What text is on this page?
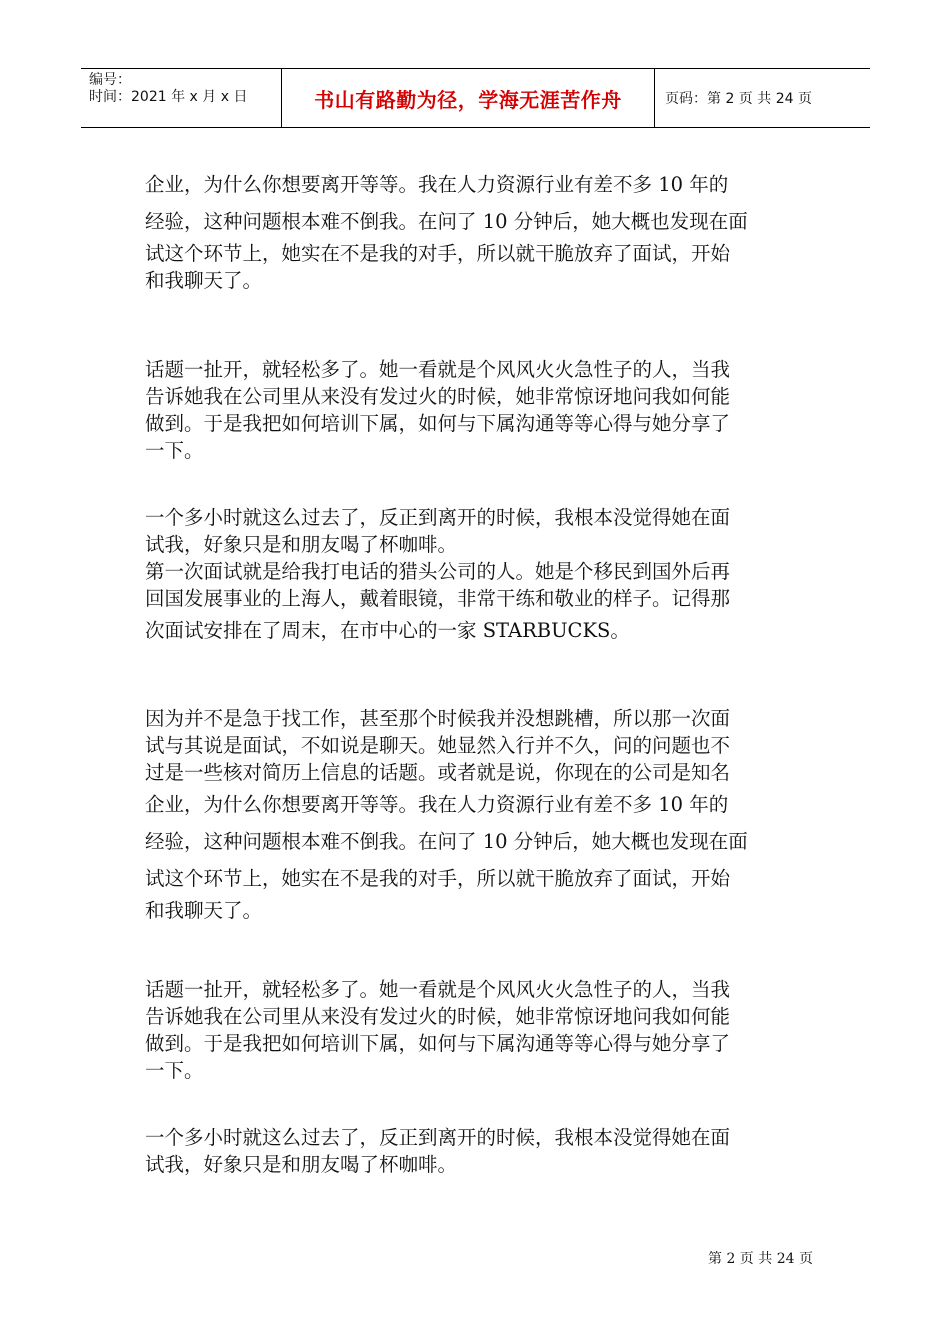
编号：
时间：2021 年 x 月 x 日	书山有路勤为径，学海无涯苦作舟	页码：第 2 页 共 24 页
企业，为什么你想要离开等等。我在人力资源行业有差不多 10 年的
经验，这种问题根本难不倒我。在问了 10 分钟后，她大概也发现在面
试这个环节上，她实在不是我的对手，所以就干脆放弃了面试，开始
和我聊天了。
话题一扯开，就轻松多了。她一看就是个风风火火急性子的人，当我
告诉她我在公司里从来没有发过火的时候，她非常惊讶地问我如何能
做到。于是我把如何培训下属，如何与下属沟通等等心得与她分享了
一下。
一个多小时就这么过去了，反正到离开的时候，我根本没觉得她在面
试我，好象只是和朋友喝了杯咖啡。
第一次面试就是给我打电话的猎头公司的人。她是个移民到国外后再
回国发展事业的上海人，戴着眼镜，非常干练和敬业的样子。记得那
次面试安排在了周末，在市中心的一家 STARBUCKS。
因为并不是急于找工作，甚至那个时候我并没想跳槽，所以那一次面
试与其说是面试，不如说是聊天。她显然入行并不久，问的问题也不
过是一些核对简历上信息的话题。或者就是说，你现在的公司是知名
企业，为什么你想要离开等等。我在人力资源行业有差不多 10 年的
经验，这种问题根本难不倒我。在问了 10 分钟后，她大概也发现在面
试这个环节上，她实在不是我的对手，所以就干脆放弃了面试，开始
和我聊天了。
话题一扯开，就轻松多了。她一看就是个风风火火急性子的人，当我
告诉她我在公司里从来没有发过火的时候，她非常惊讶地问我如何能
做到。于是我把如何培训下属，如何与下属沟通等等心得与她分享了
一下。
一个多小时就这么过去了，反正到离开的时候，我根本没觉得她在面
试我，好象只是和朋友喝了杯咖啡。
第 2 页 共 24 页
